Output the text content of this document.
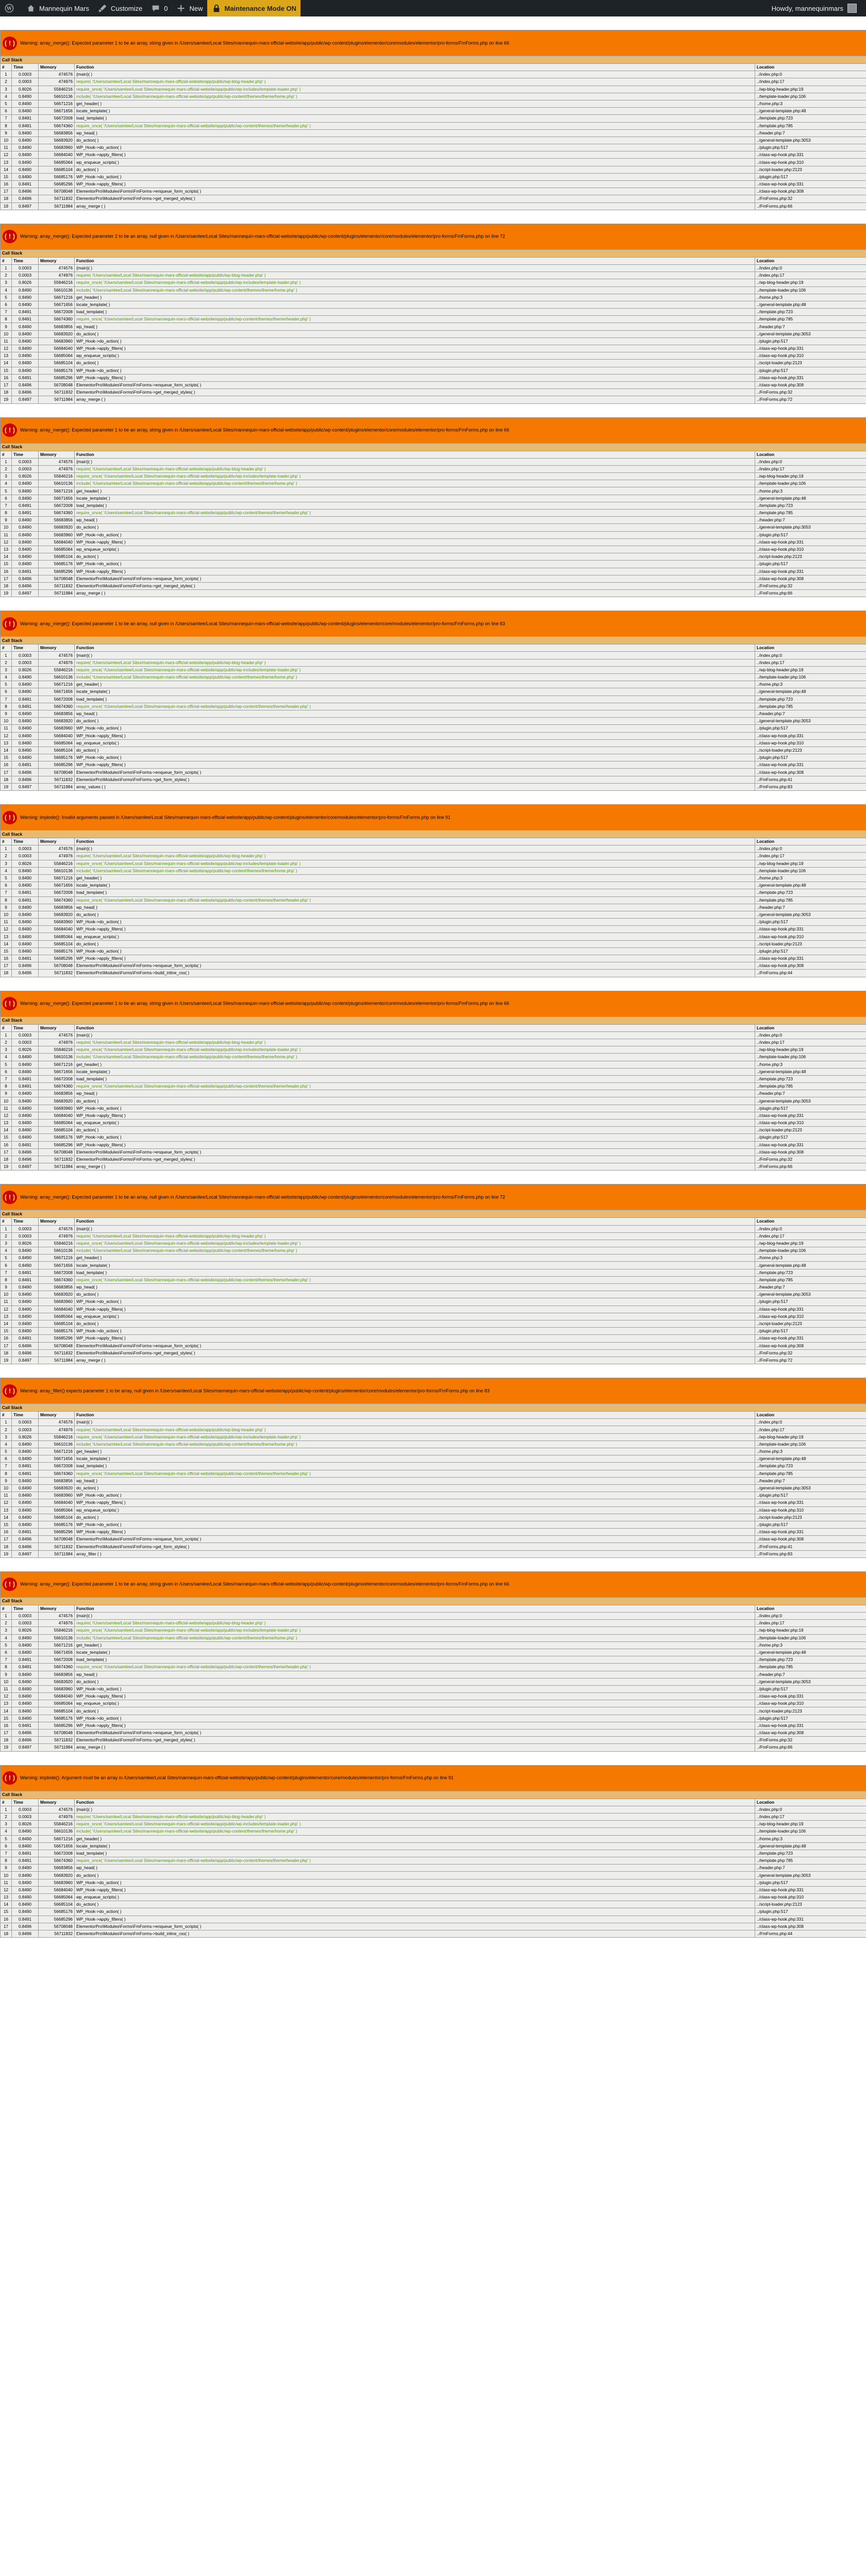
W	Mannequin Mars	Customize	0	New	Maintenance Mode ON	Howdy, mannequinmars
( ! ) Warning: array_merge(): Expected parameter 1 to be an array, string given in /Users/samlee/Local Sites/mannequin-mars-official-website/app/public/wp-content/plugins/elementor/core/modules/elementor/pro-forms/FmForms.php on line 66				
Call Stack				
#	Time	Memory	Function	Location
1	0.0003	474576	{main}( )	../index.php:0
2	0.0003	474976	require( '/Users/samlee/Local Sites/mannequin-mars-official-website/app/public/wp-blog-header.php' )	../index.php:17
3	0.8026	55846216	require_once( '/Users/samlee/Local Sites/mannequin-mars-official-website/app/public/wp-includes/template-loader.php' )	../wp-blog-header.php:19
4	0.8490	56610136	include( '/Users/samlee/Local Sites/mannequin-mars-official-website/app/public/wp-content/themes/theme/home.php' )	../template-loader.php:106
5	0.8490	56671216	get_header( )	../home.php:3
6	0.8490	56671656	locate_template( )	../general-template.php:48
7	0.8491	56672008	load_template( )	../template.php:723
8	0.8491	56674360	require_once( '/Users/samlee/Local Sites/mannequin-mars-official-website/app/public/wp-content/themes/theme/header.php' )	../template.php:785
9	0.8490	56683856	wp_head( )	../header.php:7
10	0.8490	56683920	do_action( )	../general-template.php:3053
11	0.8490	56683960	WP_Hook->do_action( )	../plugin.php:517
12	0.8490	56684040	WP_Hook->apply_filters( )	../class-wp-hook.php:331
13	0.8490	56685064	wp_enqueue_scripts( )	../class-wp-hook.php:310
14	0.8490	56685104	do_action( )	../script-loader.php:2123
15	0.8490	56685176	WP_Hook->do_action( )	../plugin.php:517
16	0.8491	56685296	WP_Hook->apply_filters( )	../class-wp-hook.php:331
17	0.8496	56708048	ElementorPro\Modules\Forms\FmForms->enqueue_form_scripts( )	../class-wp-hook.php:308
18	0.8496	56711832	ElementorPro\Modules\Forms\FmForms->get_merged_styles( )	../FmForms.php:32
19	0.8497	56711984	array_merge ( )	../FmForms.php:66
( ! ) Warning: array_merge(): Expected parameter 2 to be an array, null given in /Users/samlee/Local Sites/mannequin-mars-official-website/app/public/wp-content/plugins/elementor/core/modules/elementor/pro-forms/FmForms.php on line 72				
Call Stack				
#	Time	Memory	Function	Location
1	0.0003	474576	{main}( )	../index.php:0
2	0.0003	474976	require( '/Users/samlee/Local Sites/mannequin-mars-official-website/app/public/wp-blog-header.php' )	../index.php:17
3	0.8026	55846216	require_once( '/Users/samlee/Local Sites/mannequin-mars-official-website/app/public/wp-includes/template-loader.php' )	../wp-blog-header.php:19
4	0.8490	56610136	include( '/Users/samlee/Local Sites/mannequin-mars-official-website/app/public/wp-content/themes/theme/home.php' )	../template-loader.php:106
5	0.8490	56671216	get_header( )	../home.php:3
6	0.8490	56671656	locate_template( )	../general-template.php:48
7	0.8491	56672008	load_template( )	../template.php:723
8	0.8491	56674360	require_once( '/Users/samlee/Local Sites/mannequin-mars-official-website/app/public/wp-content/themes/theme/header.php' )	../template.php:785
9	0.8490	56683856	wp_head( )	../header.php:7
10	0.8490	56683920	do_action( )	../general-template.php:3053
11	0.8490	56683960	WP_Hook->do_action( )	../plugin.php:517
12	0.8490	56684040	WP_Hook->apply_filters( )	../class-wp-hook.php:331
13	0.8490	56685064	wp_enqueue_scripts( )	../class-wp-hook.php:310
14	0.8490	56685104	do_action( )	../script-loader.php:2123
15	0.8490	56685176	WP_Hook->do_action( )	../plugin.php:517
16	0.8491	56685296	WP_Hook->apply_filters( )	../class-wp-hook.php:331
17	0.8496	56708048	ElementorPro\Modules\Forms\FmForms->enqueue_form_scripts( )	../class-wp-hook.php:308
18	0.8496	56711832	ElementorPro\Modules\Forms\FmForms->get_merged_styles( )	../FmForms.php:32
19	0.8497	56711984	array_merge ( )	../FmForms.php:72
( ! ) Warning: array_merge(): Expected parameter 1 to be an array, string given in /Users/samlee/Local Sites/mannequin-mars-official-website/app/public/wp-content/plugins/elementor/core/modules/elementor/pro-forms/FmForms.php on line 66				
Call Stack				
#	Time	Memory	Function	Location
1	0.0003	474576	{main}( )	../index.php:0
2	0.0003	474976	require( '/Users/samlee/Local Sites/mannequin-mars-official-website/app/public/wp-blog-header.php' )	../index.php:17
3	0.8026	55846216	require_once( '/Users/samlee/Local Sites/mannequin-mars-official-website/app/public/wp-includes/template-loader.php' )	../wp-blog-header.php:19
4	0.8490	56610136	include( '/Users/samlee/Local Sites/mannequin-mars-official-website/app/public/wp-content/themes/theme/home.php' )	../template-loader.php:106
5	0.8490	56671216	get_header( )	../home.php:3
6	0.8490	56671656	locate_template( )	../general-template.php:48
7	0.8491	56672008	load_template( )	../template.php:723
8	0.8491	56674360	require_once( '/Users/samlee/Local Sites/mannequin-mars-official-website/app/public/wp-content/themes/theme/header.php' )	../template.php:785
9	0.8490	56683856	wp_head( )	../header.php:7
10	0.8490	56683920	do_action( )	../general-template.php:3053
11	0.8490	56683960	WP_Hook->do_action( )	../plugin.php:517
12	0.8490	56684040	WP_Hook->apply_filters( )	../class-wp-hook.php:331
13	0.8490	56685064	wp_enqueue_scripts( )	../class-wp-hook.php:310
14	0.8490	56685104	do_action( )	../script-loader.php:2123
15	0.8490	56685176	WP_Hook->do_action( )	../plugin.php:517
16	0.8491	56685296	WP_Hook->apply_filters( )	../class-wp-hook.php:331
17	0.8496	56708048	ElementorPro\Modules\Forms\FmForms->enqueue_form_scripts( )	../class-wp-hook.php:308
18	0.8496	56711832	ElementorPro\Modules\Forms\FmForms->get_merged_styles( )	../FmForms.php:32
19	0.8497	56711984	array_merge ( )	../FmForms.php:66
( ! ) Warning: array_merge(): Expected parameter 1 to be an array, null given in /Users/samlee/Local Sites/mannequin-mars-official-website/app/public/wp-content/plugins/elementor/core/modules/elementor/pro-forms/FmForms.php on line 83				
Call Stack				
#	Time	Memory	Function	Location
1	0.0003	474576	{main}( )	../index.php:0
2	0.0003	474976	require( '/Users/samlee/Local Sites/mannequin-mars-official-website/app/public/wp-blog-header.php' )	../index.php:17
3	0.8026	55846216	require_once( '/Users/samlee/Local Sites/mannequin-mars-official-website/app/public/wp-includes/template-loader.php' )	../wp-blog-header.php:19
4	0.8490	56610136	include( '/Users/samlee/Local Sites/mannequin-mars-official-website/app/public/wp-content/themes/theme/home.php' )	../template-loader.php:106
5	0.8490	56671216	get_header( )	../home.php:3
6	0.8490	56671656	locate_template( )	../general-template.php:48
7	0.8491	56672008	load_template( )	../template.php:723
8	0.8491	56674360	require_once( '/Users/samlee/Local Sites/mannequin-mars-official-website/app/public/wp-content/themes/theme/header.php' )	../template.php:785
9	0.8490	56683856	wp_head( )	../header.php:7
10	0.8490	56683920	do_action( )	../general-template.php:3053
11	0.8490	56683960	WP_Hook->do_action( )	../plugin.php:517
12	0.8490	56684040	WP_Hook->apply_filters( )	../class-wp-hook.php:331
13	0.8490	56685064	wp_enqueue_scripts( )	../class-wp-hook.php:310
14	0.8490	56685104	do_action( )	../script-loader.php:2123
15	0.8490	56685176	WP_Hook->do_action( )	../plugin.php:517
16	0.8491	56685296	WP_Hook->apply_filters( )	../class-wp-hook.php:331
17	0.8496	56708048	ElementorPro\Modules\Forms\FmForms->enqueue_form_scripts( )	../class-wp-hook.php:308
18	0.8496	56711832	ElementorPro\Modules\Forms\FmForms->get_form_styles( )	../FmForms.php:41
19	0.8497	56711984	array_values ( )	../FmForms.php:83
( ! ) Warning: implode(): Invalid arguments passed in /Users/samlee/Local Sites/mannequin-mars-official-website/app/public/wp-content/plugins/elementor/core/modules/elementor/pro-forms/FmForms.php on line 91				
Call Stack				
#	Time	Memory	Function	Location
1	0.0003	474576	{main}( )	../index.php:0
2	0.0003	474976	require( '/Users/samlee/Local Sites/mannequin-mars-official-website/app/public/wp-blog-header.php' )	../index.php:17
3	0.8026	55846216	require_once( '/Users/samlee/Local Sites/mannequin-mars-official-website/app/public/wp-includes/template-loader.php' )	../wp-blog-header.php:19
4	0.8490	56610136	include( '/Users/samlee/Local Sites/mannequin-mars-official-website/app/public/wp-content/themes/theme/home.php' )	../template-loader.php:106
5	0.8490	56671216	get_header( )	../home.php:3
6	0.8490	56671656	locate_template( )	../general-template.php:48
7	0.8491	56672008	load_template( )	../template.php:723
8	0.8491	56674360	require_once( '/Users/samlee/Local Sites/mannequin-mars-official-website/app/public/wp-content/themes/theme/header.php' )	../template.php:785
9	0.8490	56683856	wp_head( )	../header.php:7
10	0.8490	56683920	do_action( )	../general-template.php:3053
11	0.8490	56683960	WP_Hook->do_action( )	../plugin.php:517
12	0.8490	56684040	WP_Hook->apply_filters( )	../class-wp-hook.php:331
13	0.8490	56685064	wp_enqueue_scripts( )	../class-wp-hook.php:310
14	0.8490	56685104	do_action( )	../script-loader.php:2123
15	0.8490	56685176	WP_Hook->do_action( )	../plugin.php:517
16	0.8491	56685296	WP_Hook->apply_filters( )	../class-wp-hook.php:331
17	0.8496	56708048	ElementorPro\Modules\Forms\FmForms->enqueue_form_scripts( )	../class-wp-hook.php:308
18	0.8496	56711832	ElementorPro\Modules\Forms\FmForms->build_inline_css( )	../FmForms.php:44
( ! ) Warning: array_merge(): Expected parameter 1 to be an array, string given in /Users/samlee/Local Sites/mannequin-mars-official-website/app/public/wp-content/plugins/elementor/core/modules/elementor/pro-forms/FmForms.php on line 66				
Call Stack				
#	Time	Memory	Function	Location
1	0.0003	474576	{main}( )	../index.php:0
2	0.0003	474976	require( '/Users/samlee/Local Sites/mannequin-mars-official-website/app/public/wp-blog-header.php' )	../index.php:17
3	0.8026	55846216	require_once( '/Users/samlee/Local Sites/mannequin-mars-official-website/app/public/wp-includes/template-loader.php' )	../wp-blog-header.php:19
4	0.8490	56610136	include( '/Users/samlee/Local Sites/mannequin-mars-official-website/app/public/wp-content/themes/theme/home.php' )	../template-loader.php:106
5	0.8490	56671216	get_header( )	../home.php:3
6	0.8490	56671656	locate_template( )	../general-template.php:48
7	0.8491	56672008	load_template( )	../template.php:723
8	0.8491	56674360	require_once( '/Users/samlee/Local Sites/mannequin-mars-official-website/app/public/wp-content/themes/theme/header.php' )	../template.php:785
9	0.8490	56683856	wp_head( )	../header.php:7
10	0.8490	56683920	do_action( )	../general-template.php:3053
11	0.8490	56683960	WP_Hook->do_action( )	../plugin.php:517
12	0.8490	56684040	WP_Hook->apply_filters( )	../class-wp-hook.php:331
13	0.8490	56685064	wp_enqueue_scripts( )	../class-wp-hook.php:310
14	0.8490	56685104	do_action( )	../script-loader.php:2123
15	0.8490	56685176	WP_Hook->do_action( )	../plugin.php:517
16	0.8491	56685296	WP_Hook->apply_filters( )	../class-wp-hook.php:331
17	0.8496	56708048	ElementorPro\Modules\Forms\FmForms->enqueue_form_scripts( )	../class-wp-hook.php:308
18	0.8496	56711832	ElementorPro\Modules\Forms\FmForms->get_merged_styles( )	../FmForms.php:32
19	0.8497	56711984	array_merge ( )	../FmForms.php:66
( ! ) Warning: array_merge(): Expected parameter 1 to be an array, null given in /Users/samlee/Local Sites/mannequin-mars-official-website/app/public/wp-content/plugins/elementor/core/modules/elementor/pro-forms/FmForms.php on line 72				
Call Stack				
#	Time	Memory	Function	Location
1	0.0003	474576	{main}( )	../index.php:0
2	0.0003	474976	require( '/Users/samlee/Local Sites/mannequin-mars-official-website/app/public/wp-blog-header.php' )	../index.php:17
3	0.8026	55846216	require_once( '/Users/samlee/Local Sites/mannequin-mars-official-website/app/public/wp-includes/template-loader.php' )	../wp-blog-header.php:19
4	0.8490	56610136	include( '/Users/samlee/Local Sites/mannequin-mars-official-website/app/public/wp-content/themes/theme/home.php' )	../template-loader.php:106
5	0.8490	56671216	get_header( )	../home.php:3
6	0.8490	56671656	locate_template( )	../general-template.php:48
7	0.8491	56672008	load_template( )	../template.php:723
8	0.8491	56674360	require_once( '/Users/samlee/Local Sites/mannequin-mars-official-website/app/public/wp-content/themes/theme/header.php' )	../template.php:785
9	0.8490	56683856	wp_head( )	../header.php:7
10	0.8490	56683920	do_action( )	../general-template.php:3053
11	0.8490	56683960	WP_Hook->do_action( )	../plugin.php:517
12	0.8490	56684040	WP_Hook->apply_filters( )	../class-wp-hook.php:331
13	0.8490	56685064	wp_enqueue_scripts( )	../class-wp-hook.php:310
14	0.8490	56685104	do_action( )	../script-loader.php:2123
15	0.8490	56685176	WP_Hook->do_action( )	../plugin.php:517
16	0.8491	56685296	WP_Hook->apply_filters( )	../class-wp-hook.php:331
17	0.8496	56708048	ElementorPro\Modules\Forms\FmForms->enqueue_form_scripts( )	../class-wp-hook.php:308
18	0.8496	56711832	ElementorPro\Modules\Forms\FmForms->get_merged_styles( )	../FmForms.php:32
19	0.8497	56711984	array_merge ( )	../FmForms.php:72
( ! ) Warning: array_filter() expects parameter 1 to be array, null given in /Users/samlee/Local Sites/mannequin-mars-official-website/app/public/wp-content/plugins/elementor/core/modules/elementor/pro-forms/FmForms.php on line 83				
Call Stack				
#	Time	Memory	Function	Location
1	0.0003	474576	{main}( )	../index.php:0
2	0.0003	474976	require( '/Users/samlee/Local Sites/mannequin-mars-official-website/app/public/wp-blog-header.php' )	../index.php:17
3	0.8026	55846216	require_once( '/Users/samlee/Local Sites/mannequin-mars-official-website/app/public/wp-includes/template-loader.php' )	../wp-blog-header.php:19
4	0.8490	56610136	include( '/Users/samlee/Local Sites/mannequin-mars-official-website/app/public/wp-content/themes/theme/home.php' )	../template-loader.php:106
5	0.8490	56671216	get_header( )	../home.php:3
6	0.8490	56671656	locate_template( )	../general-template.php:48
7	0.8491	56672008	load_template( )	../template.php:723
8	0.8491	56674360	require_once( '/Users/samlee/Local Sites/mannequin-mars-official-website/app/public/wp-content/themes/theme/header.php' )	../template.php:785
9	0.8490	56683856	wp_head( )	../header.php:7
10	0.8490	56683920	do_action( )	../general-template.php:3053
11	0.8490	56683960	WP_Hook->do_action( )	../plugin.php:517
12	0.8490	56684040	WP_Hook->apply_filters( )	../class-wp-hook.php:331
13	0.8490	56685064	wp_enqueue_scripts( )	../class-wp-hook.php:310
14	0.8490	56685104	do_action( )	../script-loader.php:2123
15	0.8490	56685176	WP_Hook->do_action( )	../plugin.php:517
16	0.8491	56685296	WP_Hook->apply_filters( )	../class-wp-hook.php:331
17	0.8496	56708048	ElementorPro\Modules\Forms\FmForms->enqueue_form_scripts( )	../class-wp-hook.php:308
18	0.8496	56711832	ElementorPro\Modules\Forms\FmForms->get_form_styles( )	../FmForms.php:41
19	0.8497	56711984	array_filter ( )	../FmForms.php:83
( ! ) Warning: array_merge(): Expected parameter 1 to be an array, string given in /Users/samlee/Local Sites/mannequin-mars-official-website/app/public/wp-content/plugins/elementor/core/modules/elementor/pro-forms/FmForms.php on line 66				
Call Stack				
#	Time	Memory	Function	Location
1	0.0003	474576	{main}( )	../index.php:0
2	0.0003	474976	require( '/Users/samlee/Local Sites/mannequin-mars-official-website/app/public/wp-blog-header.php' )	../index.php:17
3	0.8026	55846216	require_once( '/Users/samlee/Local Sites/mannequin-mars-official-website/app/public/wp-includes/template-loader.php' )	../wp-blog-header.php:19
4	0.8490	56610136	include( '/Users/samlee/Local Sites/mannequin-mars-official-website/app/public/wp-content/themes/theme/home.php' )	../template-loader.php:106
5	0.8490	56671216	get_header( )	../home.php:3
6	0.8490	56671656	locate_template( )	../general-template.php:48
7	0.8491	56672008	load_template( )	../template.php:723
8	0.8491	56674360	require_once( '/Users/samlee/Local Sites/mannequin-mars-official-website/app/public/wp-content/themes/theme/header.php' )	../template.php:785
9	0.8490	56683856	wp_head( )	../header.php:7
10	0.8490	56683920	do_action( )	../general-template.php:3053
11	0.8490	56683960	WP_Hook->do_action( )	../plugin.php:517
12	0.8490	56684040	WP_Hook->apply_filters( )	../class-wp-hook.php:331
13	0.8490	56685064	wp_enqueue_scripts( )	../class-wp-hook.php:310
14	0.8490	56685104	do_action( )	../script-loader.php:2123
15	0.8490	56685176	WP_Hook->do_action( )	../plugin.php:517
16	0.8491	56685296	WP_Hook->apply_filters( )	../class-wp-hook.php:331
17	0.8496	56708048	ElementorPro\Modules\Forms\FmForms->enqueue_form_scripts( )	../class-wp-hook.php:308
18	0.8496	56711832	ElementorPro\Modules\Forms\FmForms->get_merged_styles( )	../FmForms.php:32
19	0.8497	56711984	array_merge ( )	../FmForms.php:66
( ! ) Warning: implode(): Argument must be an array in /Users/samlee/Local Sites/mannequin-mars-official-website/app/public/wp-content/plugins/elementor/core/modules/elementor/pro-forms/FmForms.php on line 91				
Call Stack				
#	Time	Memory	Function	Location
1	0.0003	474576	{main}( )	../index.php:0
2	0.0003	474976	require( '/Users/samlee/Local Sites/mannequin-mars-official-website/app/public/wp-blog-header.php' )	../index.php:17
3	0.8026	55846216	require_once( '/Users/samlee/Local Sites/mannequin-mars-official-website/app/public/wp-includes/template-loader.php' )	../wp-blog-header.php:19
4	0.8490	56610136	include( '/Users/samlee/Local Sites/mannequin-mars-official-website/app/public/wp-content/themes/theme/home.php' )	../template-loader.php:106
5	0.8490	56671216	get_header( )	../home.php:3
6	0.8490	56671656	locate_template( )	../general-template.php:48
7	0.8491	56672008	load_template( )	../template.php:723
8	0.8491	56674360	require_once( '/Users/samlee/Local Sites/mannequin-mars-official-website/app/public/wp-content/themes/theme/header.php' )	../template.php:785
9	0.8490	56683856	wp_head( )	../header.php:7
10	0.8490	56683920	do_action( )	../general-template.php:3053
11	0.8490	56683960	WP_Hook->do_action( )	../plugin.php:517
12	0.8490	56684040	WP_Hook->apply_filters( )	../class-wp-hook.php:331
13	0.8490	56685064	wp_enqueue_scripts( )	../class-wp-hook.php:310
14	0.8490	56685104	do_action( )	../script-loader.php:2123
15	0.8490	56685176	WP_Hook->do_action( )	../plugin.php:517
16	0.8491	56685296	WP_Hook->apply_filters( )	../class-wp-hook.php:331
17	0.8496	56708048	ElementorPro\Modules\Forms\FmForms->enqueue_form_scripts( )	../class-wp-hook.php:308
18	0.8496	56711832	ElementorPro\Modules\Forms\FmForms->build_inline_css( )	../FmForms.php:44
